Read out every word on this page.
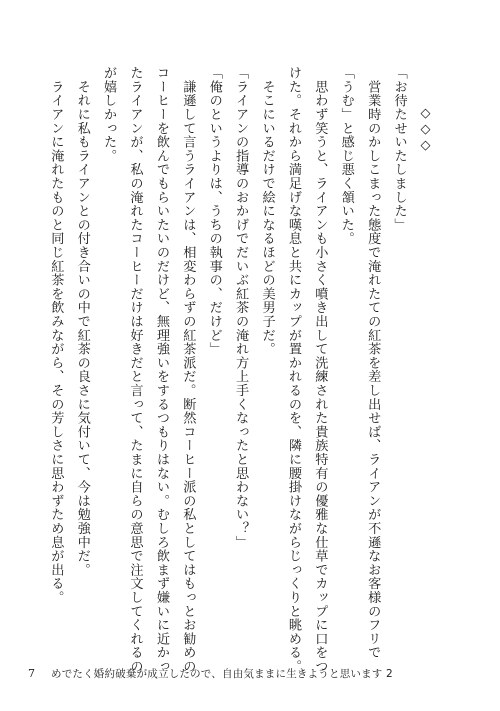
◇◇◇
「お待たせいたしました」
　営業時のかしこまった態度で淹れたての紅茶を差し出せば、ライアンが不遜なお客様のフリで
「うむ」と感じ悪く頷いた。
　思わず笑うと、ライアンも小さく噴き出して洗練された貴族特有の優雅な仕草でカップに口をつ
けた。それから満足げな嘆息と共にカップが置かれるのを、隣に腰掛けながらじっくりと眺める。
　そこにいるだけで絵になるほどの美男子だ。
「ライアンの指導のおかげでだいぶ紅茶の淹れ方上手くなったと思わない？」
「俺のというよりは、うちの執事の、だけど」
　謙遜して言うライアンは、相変わらずの紅茶派だ。断然コーヒー派の私としてはもっとお勧めの
コーヒーを飲んでもらいたいのだけど、無理強いをするつもりはない。むしろ飲まず嫌いに近かっ
たライアンが、私の淹れたコーヒーだけは好きだと言って、たまに自らの意思で注文してくれるの
が嬉しかった。
　それに私もライアンとの付き合いの中で紅茶の良さに気付いて、今は勉強中だ。
　ライアンに淹れたものと同じ紅茶を飲みながら、その芳しさに思わずため息が出る。
7 めでたく婚約破棄が成立したので、自由気ままに生きようと思います 2
